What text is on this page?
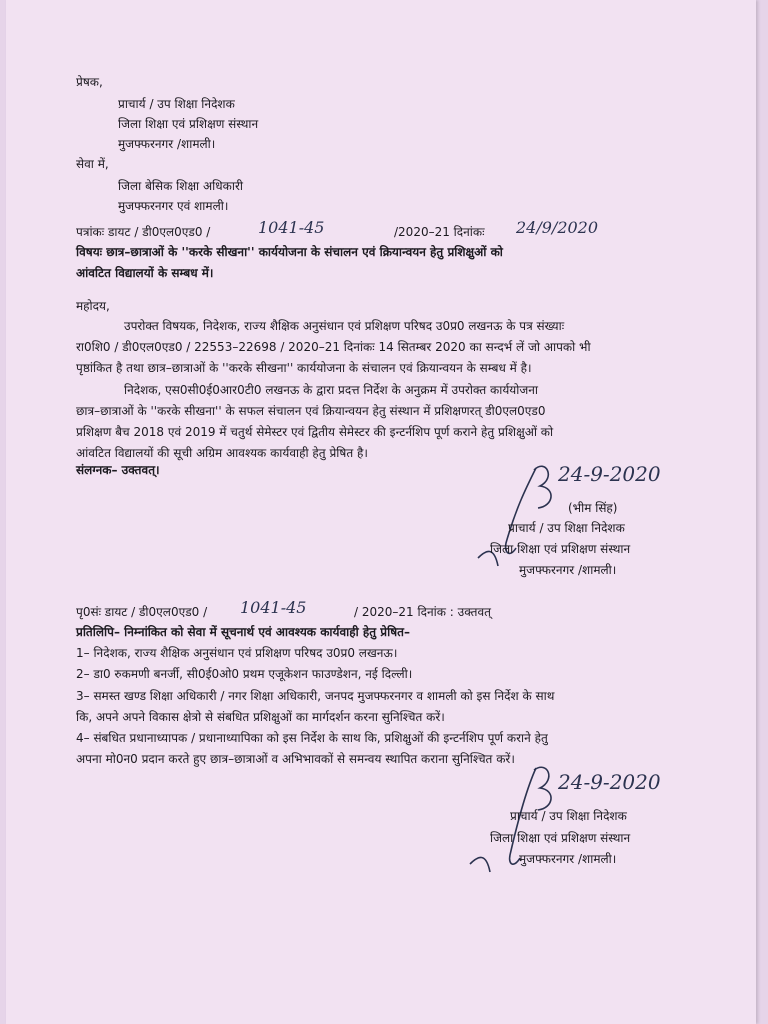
प्रेषक,
प्राचार्य / उप शिक्षा निदेशक
जिला शिक्षा एवं प्रशिक्षण संस्थान
मुजफ्फरनगर /शामली।
सेवा में,
जिला बेसिक शिक्षा अधिकारी
मुजफ्फरनगर एवं शामली।
पत्रांकः डायट / डी0एल0एड0 /	1041-45	/2020–21 दिनांकः 24/9/2020
विषयः छात्र–छात्राओं के ''करके सीखना'' कार्ययोजना के संचालन एवं क्रियान्वयन हेतु प्रशिक्षुओं को
आंवटित विद्यालयों के सम्बध में।
महोदय,
उपरोक्त विषयक, निदेशक, राज्य शैक्षिक अनुसंधान एवं प्रशिक्षण परिषद उ0प्र0 लखनऊ के पत्र संख्याः
रा0शि0 / डी0एल0एड0 / 22553–22698 / 2020–21 दिनांकः 14 सितम्बर 2020 का सन्दर्भ लें जो आपको भी
पृष्ठांकित है तथा छात्र–छात्राओं के ''करके सीखना'' कार्ययोजना के संचालन एवं क्रियान्वयन के सम्बध में है।
निदेशक, एस0सी0ई0आर0टी0 लखनऊ के द्वारा प्रदत्त निर्देश के अनुक्रम में उपरोक्त कार्ययोजना
छात्र–छात्राओं के ''करके सीखना'' के सफल संचालन एवं क्रियान्वयन हेतु संस्थान में प्रशिक्षणरत् डी0एल0एड0
प्रशिक्षण बैच 2018 एवं 2019 में चतुर्थ सेमेस्टर एवं द्वितीय सेमेस्टर की इन्टर्नशिप पूर्ण कराने हेतु प्रशिक्षुओं को
आंवटित विद्यालयों की सूची अग्रिम आवश्यक कार्यवाही हेतु प्रेषित है।
संलग्नक– उक्तवत्।	24-9-2020
(भीम सिंह)
प्राचार्य / उप शिक्षा निदेशक
जिला शिक्षा एवं प्रशिक्षण संस्थान
मुजफ्फरनगर /शामली।
पृ0संः डायट / डी0एल0एड0 / 1041-45	/ 2020–21 दिनांक : उक्तवत्
प्रतिलिपि– निम्नांकित को सेवा में सूचनार्थ एवं आवश्यक कार्यवाही हेतु प्रेषित–
1– निदेशक, राज्य शैक्षिक अनुसंधान एवं प्रशिक्षण परिषद उ0प्र0 लखनऊ।
2– डा0 रुकमणी बनर्जी, सी0ई0ओ0 प्रथम एजूकेशन फाउण्डेशन, नई दिल्ली।
3– समस्त खण्ड शिक्षा अधिकारी / नगर शिक्षा अधिकारी, जनपद मुजफ्फरनगर व शामली को इस निर्देश के साथ
कि, अपने अपने विकास क्षेत्रो से संबधित प्रशिक्षुओं का मार्गदर्शन करना सुनिश्चित करें।
4– संबधित प्रधानाध्यापक / प्रधानाध्यापिका को इस निर्देश के साथ कि, प्रशिक्षुओं की इन्टर्नशिप पूर्ण कराने हेतु
अपना मो0न0 प्रदान करते हुए छात्र–छात्राओं व अभिभावकों से समन्वय स्थापित कराना सुनिश्चित करें।
24-9-2020
प्राचार्य / उप शिक्षा निदेशक
जिला शिक्षा एवं प्रशिक्षण संस्थान
मुजफ्फरनगर /शामली।
